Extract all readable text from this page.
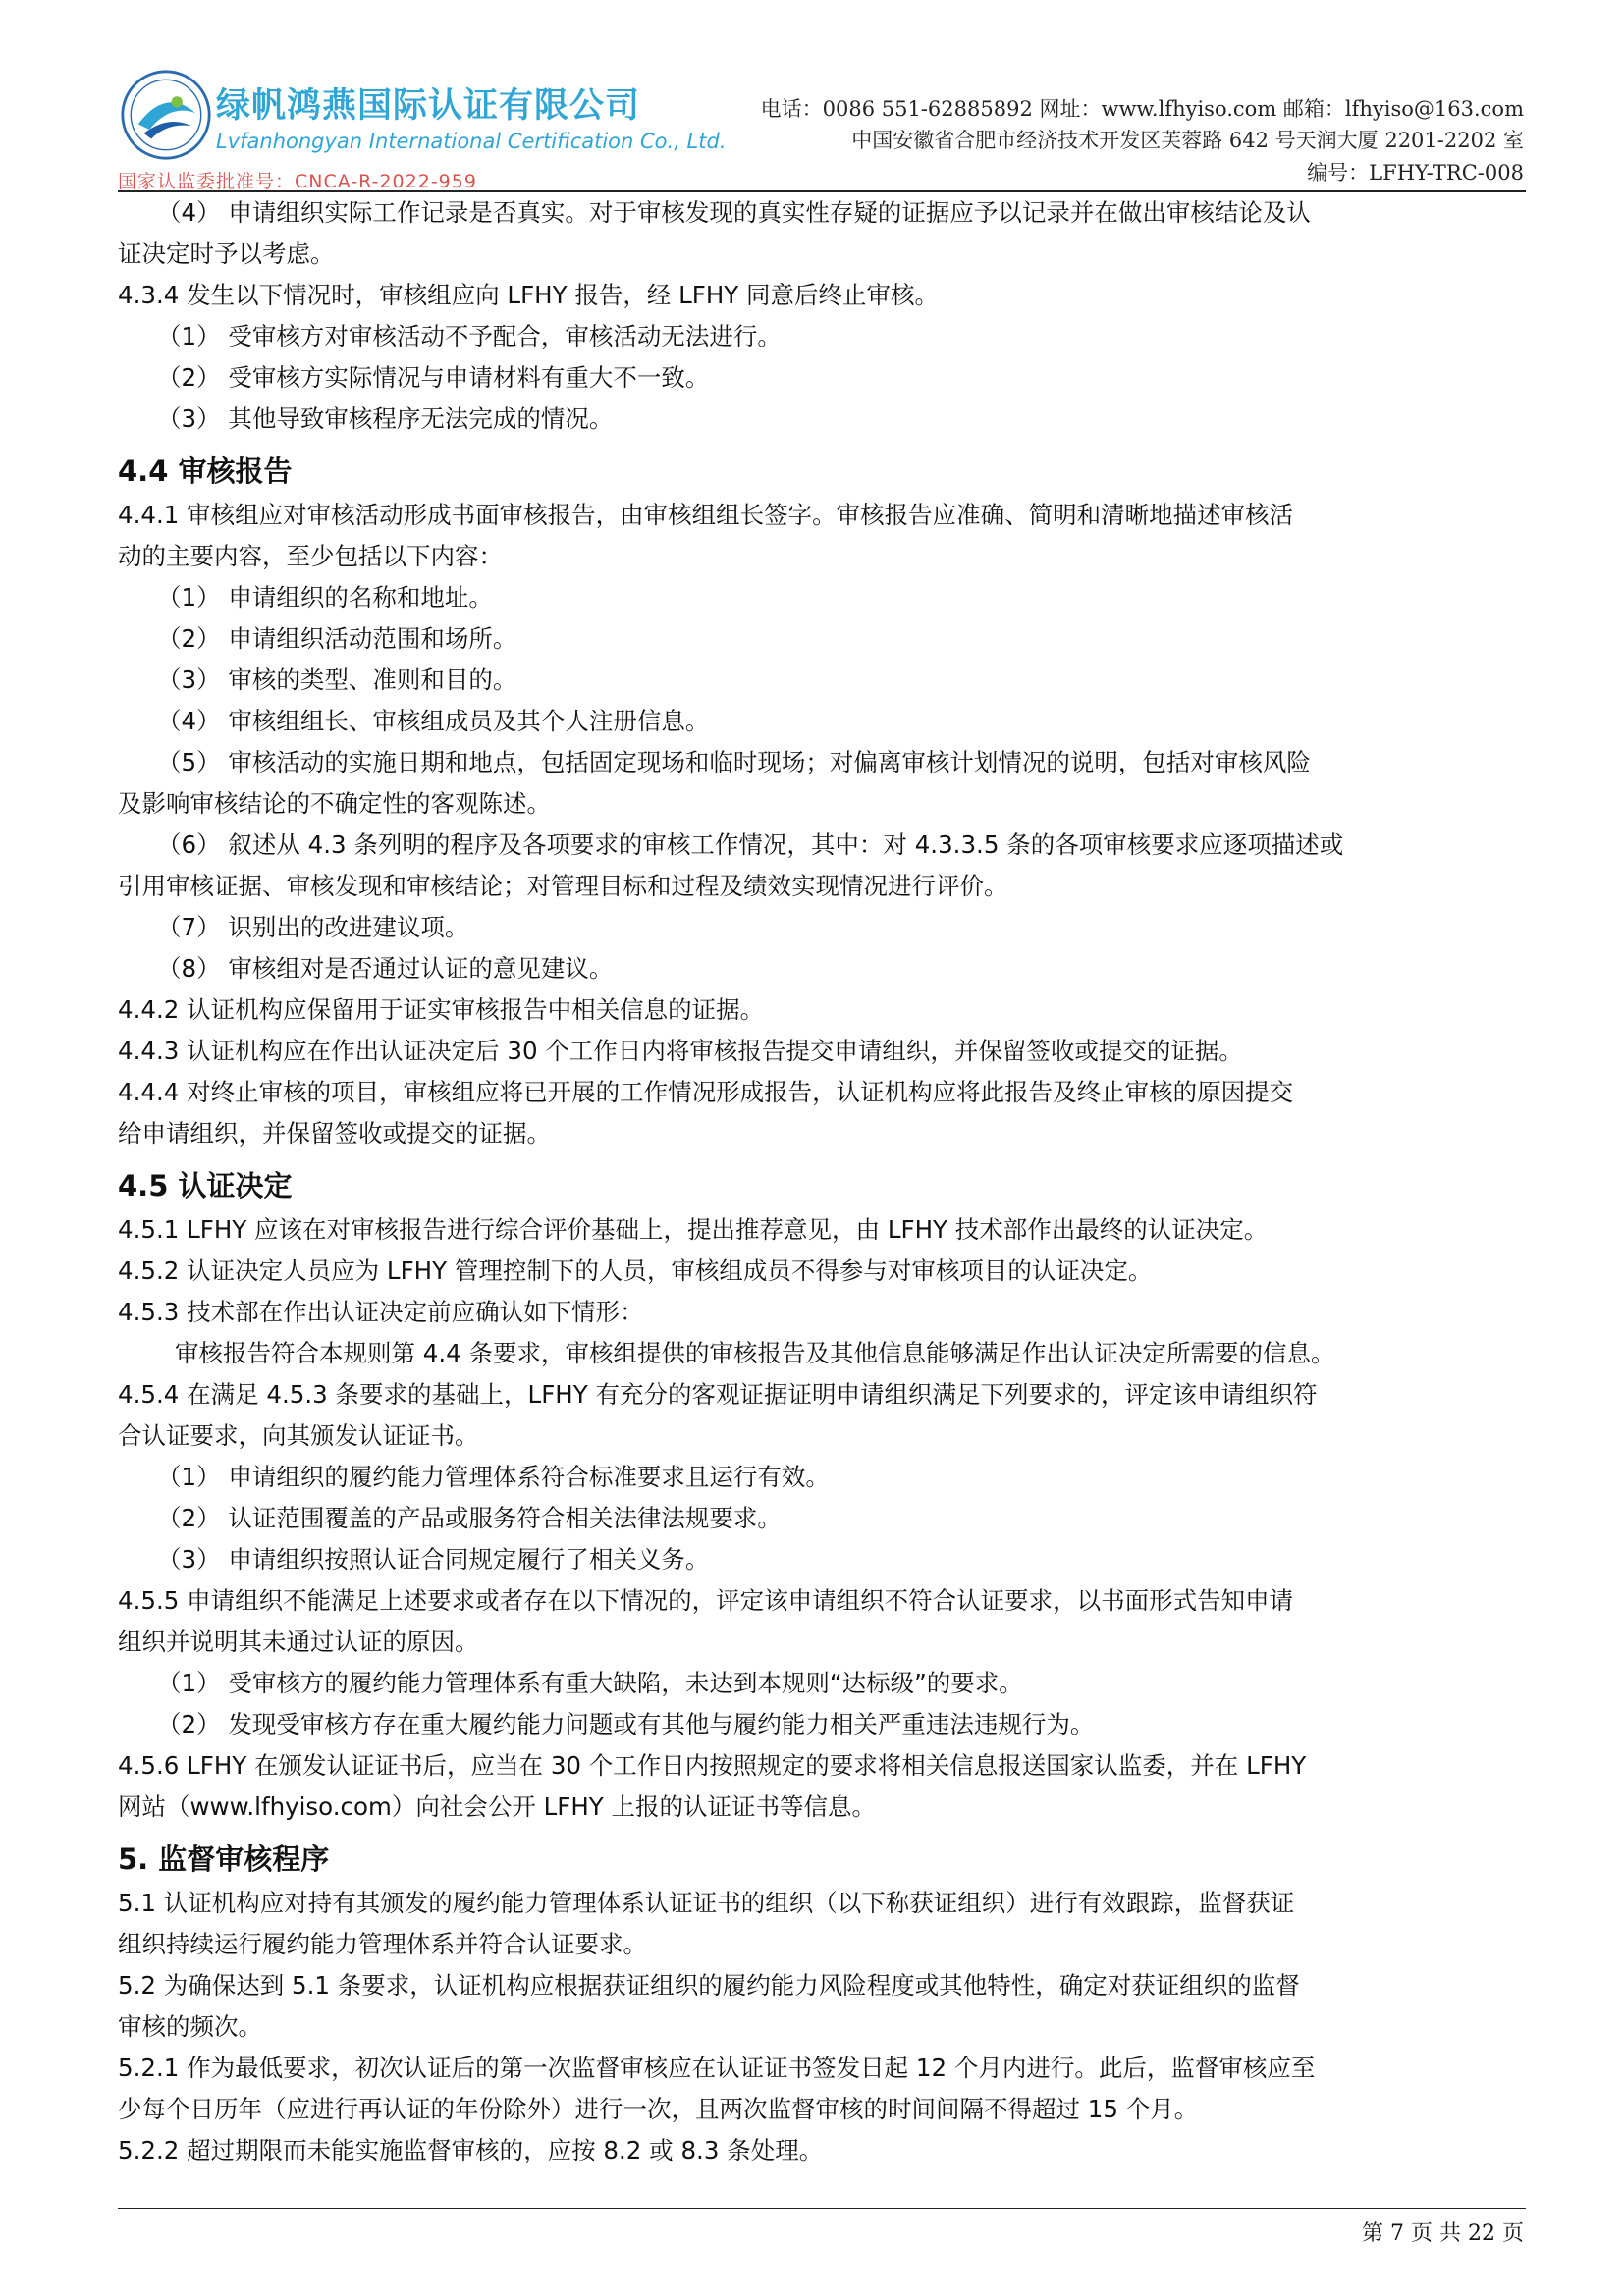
绿帆鸿燕国际认证有限公司
Lvfanhongyan International Certification Co., Ltd.
国家认监委批准号：CNCA-R-2022-959
电话：0086 551-62885892 网址：www.lfhyiso.com 邮箱：lfhyiso@163.com
中国安徽省合肥市经济技术开发区芙蓉路 642 号天润大厦 2201-2202 室
编号：LFHY-TRC-008

（4） 申请组织实际工作记录是否真实。对于审核发现的真实性存疑的证据应予以记录并在做出审核结论及认

证决定时予以考虑。

4.3.4 发生以下情况时，审核组应向 LFHY 报告，经 LFHY 同意后终止审核。

（1） 受审核方对审核活动不予配合，审核活动无法进行。

（2） 受审核方实际情况与申请材料有重大不一致。

（3） 其他导致审核程序无法完成的情况。

4.4 审核报告

4.4.1 审核组应对审核活动形成书面审核报告，由审核组组长签字。审核报告应准确、简明和清晰地描述审核活

动的主要内容，至少包括以下内容：

（1） 申请组织的名称和地址。

（2） 申请组织活动范围和场所。

（3） 审核的类型、准则和目的。

（4） 审核组组长、审核组成员及其个人注册信息。

（5） 审核活动的实施日期和地点，包括固定现场和临时现场；对偏离审核计划情况的说明，包括对审核风险

及影响审核结论的不确定性的客观陈述。

（6） 叙述从 4.3 条列明的程序及各项要求的审核工作情况，其中：对 4.3.3.5 条的各项审核要求应逐项描述或

引用审核证据、审核发现和审核结论；对管理目标和过程及绩效实现情况进行评价。

（7） 识别出的改进建议项。

（8） 审核组对是否通过认证的意见建议。

4.4.2 认证机构应保留用于证实审核报告中相关信息的证据。

4.4.3 认证机构应在作出认证决定后 30 个工作日内将审核报告提交申请组织，并保留签收或提交的证据。

4.4.4 对终止审核的项目，审核组应将已开展的工作情况形成报告，认证机构应将此报告及终止审核的原因提交

给申请组织，并保留签收或提交的证据。

4.5 认证决定

4.5.1 LFHY 应该在对审核报告进行综合评价基础上，提出推荐意见，由 LFHY 技术部作出最终的认证决定。

4.5.2 认证决定人员应为 LFHY 管理控制下的人员，审核组成员不得参与对审核项目的认证决定。

4.5.3 技术部在作出认证决定前应确认如下情形：

审核报告符合本规则第 4.4 条要求，审核组提供的审核报告及其他信息能够满足作出认证决定所需要的信息。

4.5.4 在满足 4.5.3 条要求的基础上，LFHY 有充分的客观证据证明申请组织满足下列要求的，评定该申请组织符

合认证要求，向其颁发认证证书。

（1） 申请组织的履约能力管理体系符合标准要求且运行有效。

（2） 认证范围覆盖的产品或服务符合相关法律法规要求。

（3） 申请组织按照认证合同规定履行了相关义务。

4.5.5 申请组织不能满足上述要求或者存在以下情况的，评定该申请组织不符合认证要求，以书面形式告知申请

组织并说明其未通过认证的原因。

（1） 受审核方的履约能力管理体系有重大缺陷，未达到本规则“达标级”的要求。

（2） 发现受审核方存在重大履约能力问题或有其他与履约能力相关严重违法违规行为。

4.5.6 LFHY 在颁发认证证书后，应当在 30 个工作日内按照规定的要求将相关信息报送国家认监委，并在 LFHY

网站（www.lfhyiso.com）向社会公开 LFHY 上报的认证证书等信息。

5. 监督审核程序

5.1 认证机构应对持有其颁发的履约能力管理体系认证证书的组织（以下称获证组织）进行有效跟踪，监督获证

组织持续运行履约能力管理体系并符合认证要求。

5.2 为确保达到 5.1 条要求，认证机构应根据获证组织的履约能力风险程度或其他特性，确定对获证组织的监督

审核的频次。

5.2.1 作为最低要求，初次认证后的第一次监督审核应在认证证书签发日起 12 个月内进行。此后，监督审核应至

少每个日历年（应进行再认证的年份除外）进行一次，且两次监督审核的时间间隔不得超过 15 个月。

5.2.2 超过期限而未能实施监督审核的，应按 8.2 或 8.3 条处理。

第 7 页 共 22 页
